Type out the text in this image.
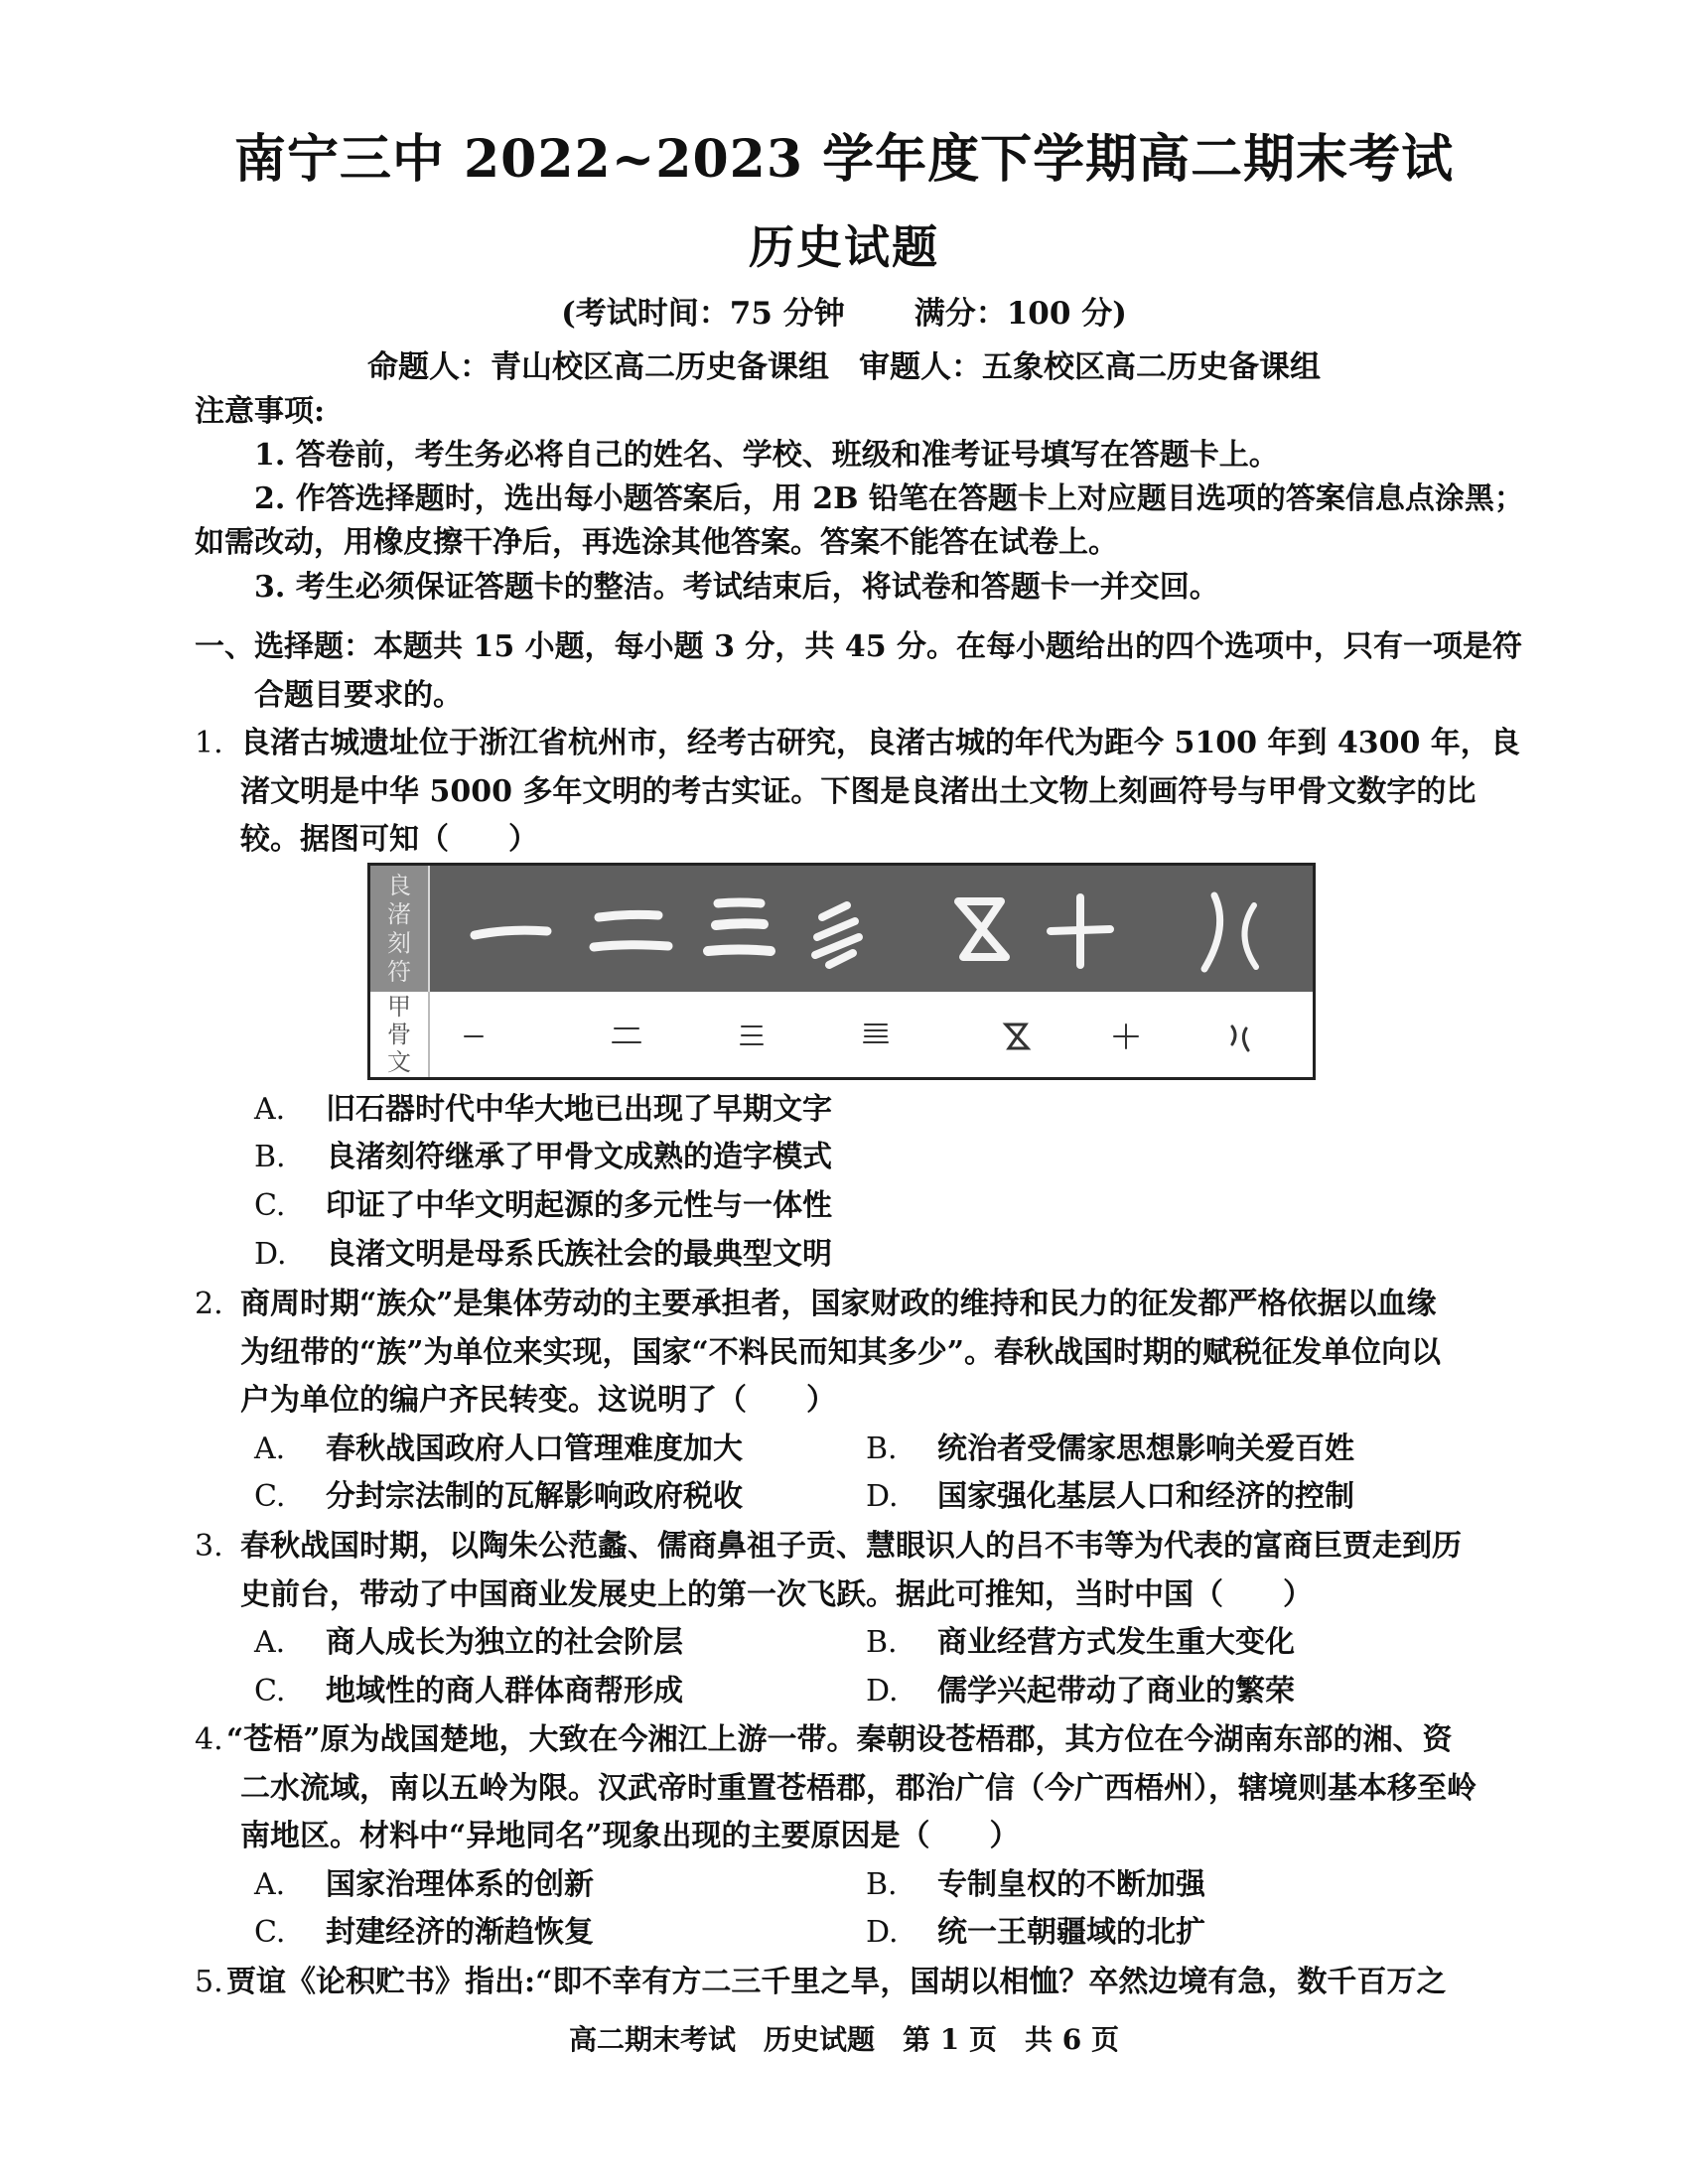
南宁三中 2022~2023 学年度下学期高二期末考试
历史试题
(考试时间：75 分钟 满分：100 分)
命题人：青山校区高二历史备课组 审题人：五象校区高二历史备课组
注意事项:
1. 答卷前，考生务必将自己的姓名、学校、班级和准考证号填写在答题卡上。
2. 作答选择题时，选出每小题答案后，用 2B 铅笔在答题卡上对应题目选项的答案信息点涂黑；
如需改动，用橡皮擦干净后，再选涂其他答案。答案不能答在试卷上。
3. 考生必须保证答题卡的整洁。考试结束后，将试卷和答题卡一并交回。
一、选择题：本题共 15 小题，每小题 3 分，共 45 分。在每小题给出的四个选项中，只有一项是符
合题目要求的。
1. 良渚古城遗址位于浙江省杭州市，经考古研究，良渚古城的年代为距今 5100 年到 4300 年，良
渚文明是中华 5000 多年文明的考古实证。下图是良渚出土文物上刻画符号与甲骨文数字的比
较。据图可知（　　）
良
渚
刻
符
甲
骨
文
A. 旧石器时代中华大地已出现了早期文字
B. 良渚刻符继承了甲骨文成熟的造字模式
C. 印证了中华文明起源的多元性与一体性
D. 良渚文明是母系氏族社会的最典型文明
2. 商周时期“族众”是集体劳动的主要承担者，国家财政的维持和民力的征发都严格依据以血缘
为纽带的“族”为单位来实现，国家“不料民而知其多少”。春秋战国时期的赋税征发单位向以
户为单位的编户齐民转变。这说明了（　　）
A. 春秋战国政府人口管理难度加大	B. 统治者受儒家思想影响关爱百姓
C. 分封宗法制的瓦解影响政府税收	D. 国家强化基层人口和经济的控制
3. 春秋战国时期，以陶朱公范蠡、儒商鼻祖子贡、慧眼识人的吕不韦等为代表的富商巨贾走到历
史前台，带动了中国商业发展史上的第一次飞跃。据此可推知，当时中国（　　）
A. 商人成长为独立的社会阶层	B. 商业经营方式发生重大变化
C. 地域性的商人群体商帮形成	D. 儒学兴起带动了商业的繁荣
4. “苍梧”原为战国楚地，大致在今湘江上游一带。秦朝设苍梧郡，其方位在今湖南东部的湘、资
二水流域，南以五岭为限。汉武帝时重置苍梧郡，郡治广信（今广西梧州），辖境则基本移至岭
南地区。材料中“异地同名”现象出现的主要原因是（　　）
A. 国家治理体系的创新	B. 专制皇权的不断加强
C. 封建经济的渐趋恢复	D. 统一王朝疆域的北扩
5. 贾谊《论积贮书》指出:“即不幸有方二三千里之旱，国胡以相恤？卒然边境有急，数千百万之
高二期末考试　历史试题　第 1 页　共 6 页
